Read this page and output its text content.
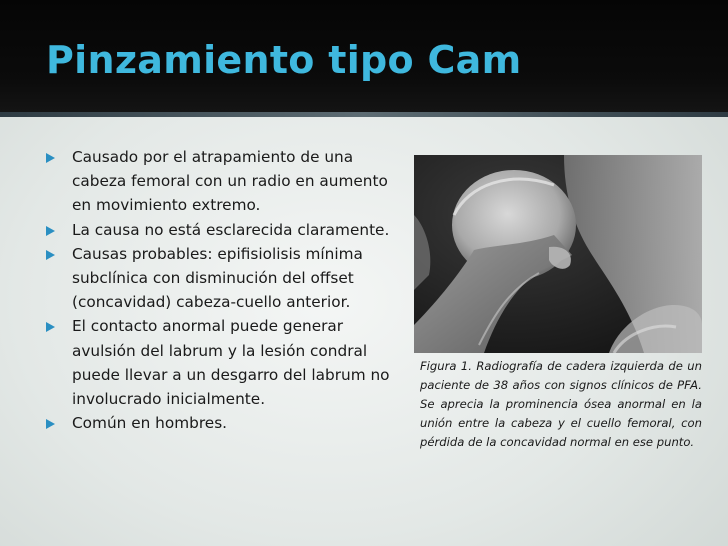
Pinzamiento tipo Cam
Causado por el atrapamiento de una cabeza femoral con un radio en aumento en movimiento extremo.
La causa no está esclarecida claramente.
Causas probables: epifisiolisis mínima subclínica con disminución del offset (concavidad) cabeza-cuello anterior.
El contacto anormal puede generar avulsión del labrum y la lesión condral puede llevar a un desgarro del labrum no involucrado inicialmente.
Común en hombres.

Figura 1. Radiografía de cadera izquierda de un paciente de 38 años con signos clínicos de PFA. Se aprecia la prominencia ósea anormal en la unión entre la cabeza y el cuello femoral, con pérdida de la concavidad normal en ese punto.
